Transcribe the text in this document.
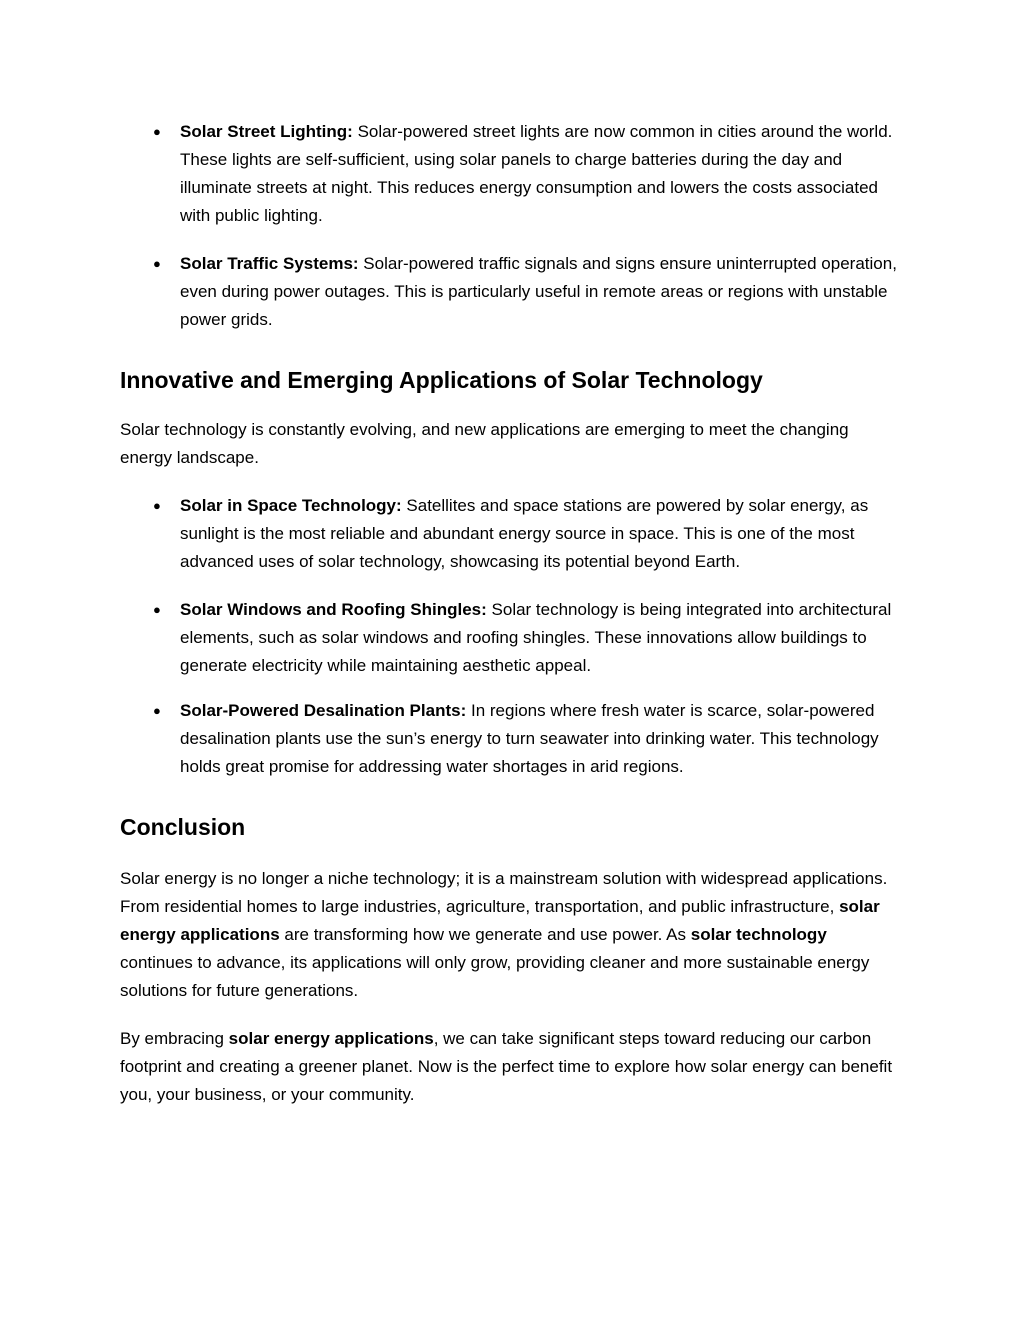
● Solar Street Lighting: Solar-powered street lights are now common in cities around the world. These lights are self-sufficient, using solar panels to charge batteries during the day and illuminate streets at night. This reduces energy consumption and lowers the costs associated with public lighting.
● Solar Traffic Systems: Solar-powered traffic signals and signs ensure uninterrupted operation, even during power outages. This is particularly useful in remote areas or regions with unstable power grids.
Innovative and Emerging Applications of Solar Technology

Solar technology is constantly evolving, and new applications are emerging to meet the changing energy landscape.

● Solar in Space Technology: Satellites and space stations are powered by solar energy, as sunlight is the most reliable and abundant energy source in space. This is one of the most advanced uses of solar technology, showcasing its potential beyond Earth.
● Solar Windows and Roofing Shingles: Solar technology is being integrated into architectural elements, such as solar windows and roofing shingles. These innovations allow buildings to generate electricity while maintaining aesthetic appeal.
● Solar-Powered Desalination Plants: In regions where fresh water is scarce, solar-powered desalination plants use the sun’s energy to turn seawater into drinking water. This technology holds great promise for addressing water shortages in arid regions.
Conclusion

Solar energy is no longer a niche technology; it is a mainstream solution with widespread applications. From residential homes to large industries, agriculture, transportation, and public infrastructure, solar energy applications are transforming how we generate and use power. As solar technology continues to advance, its applications will only grow, providing cleaner and more sustainable energy solutions for future generations.

By embracing solar energy applications, we can take significant steps toward reducing our carbon footprint and creating a greener planet. Now is the perfect time to explore how solar energy can benefit you, your business, or your community.
